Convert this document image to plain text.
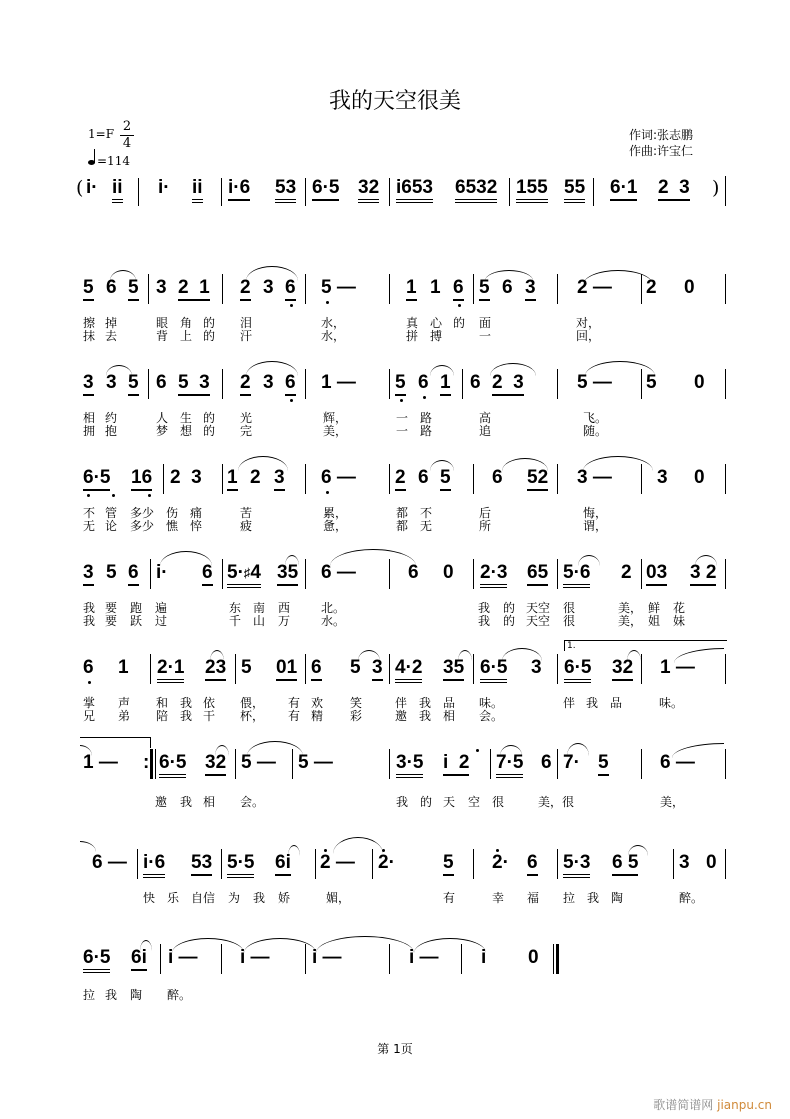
我的天空很美
1=F 2
4
=114
作词:张志鹏
作曲:许宝仁
( i· ii i· ii i·6 53 6·5 32 i653 6532 155 55 6·1 2  3 )
5 6 5 3 2  1 2 3 6 5 —	1 1 6 5 6 3 2 — 2 0
擦 掉	眼 角 的 泪	水，	真 心 的 面	对，
抹 去	背 上 的 汗	水，	拼 搏	一	回，
3 3 5 6 5  3 2 3 6 1 — 5 6 1 6 2  3	5 — 5 0
相 约	人 生 的 光	辉，	一 路	高	飞。
拥 抱	梦 想 的 完	美，	一 路	追	随。
6·5 16 2  3 1 2 3 6 — 2 6 5 6 52 3 — 3 0
不 管 多少 伤 痛	苦	累，	都 不	后	悔，
无 论 多少 憔 悴	疲	惫，	都 无	所	谓，
3 5 6 i· 6 5·♯4 35 6 —	6 0 2·3 65 5·6 2 03 3 2
我 要 跑 遍	东 南 西	北。	我 的 天空 很	美， 鲜 花
我 要 跃 过	千 山 万	水。	我 的 天空 很	美， 姐 妹
1.
6 1 2·1 23 5 01 6 5 3 4·2 35 6·5 3 6·5 32 1 —
掌 声 和 我 依 偎， 有 欢 笑	伴 我 品 味。	伴 我 品	味。
兄 弟 陪 我 干 杯， 有 精 彩	邀 我 相 会。
1 — : 6·5 32 5 — 5 —	3·5 i  2 7·5 6 7· 5	6 —
邀 我 相 会。	我 的 天 空 很	美，很	美，
6 — i·6 53 5·5 6i 2 — 2·	5 2· 6 5·3 6 5 3 0
快 乐 自信 为 我 娇	媚，	有	幸 福 拉 我 陶	醉。
6·5 6i i — i — i —	i — i 0
拉 我 陶 醉。
第 1页
歌谱简谱网 jianpu.cn
